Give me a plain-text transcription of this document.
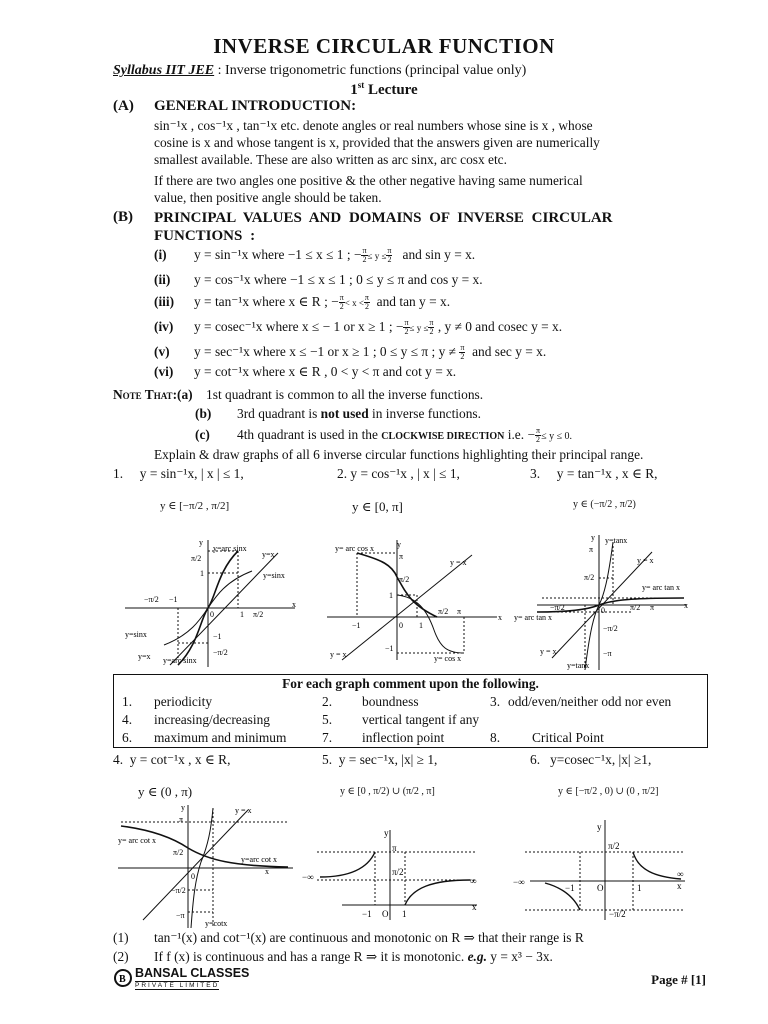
INVERSE CIRCULAR FUNCTION
Syllabus IIT JEE : Inverse trigonometric functions (principal value only)
1st Lecture
(A) GENERAL INTRODUCTION:
sin⁻¹x , cos⁻¹x , tan⁻¹x etc. denote angles or real numbers whose sine is x , whose
cosine is x and whose tangent is x, provided that the answers given are numerically
smallest available. These are also written as arc sinx, arc cosx etc.
If there are two angles one positive & the other negative having same numerical
value, then positive angle should be taken.
(B) PRINCIPAL VALUES AND DOMAINS OF INVERSE CIRCULAR
FUNCTIONS :
(i) y = sin⁻¹x where −1 ≤ x ≤ 1 ; − $\frac{\pi}{2} \le y \le \frac{\pi}{2}$ and sin y = x.
(ii) y = cos⁻¹x where −1 ≤ x ≤ 1 ; 0 ≤ y ≤ π and cos y = x.
(iii) y = tan⁻¹x where x ∈ R ; − $\frac{\pi}{2} < x < \frac{\pi}{2}$ and tan y = x.
(iv) y = cosec⁻¹x where x ≤ − 1 or x ≥ 1 ; − $\frac{\pi}{2} \le y \le \frac{\pi}{2}$ , y ≠ 0 and cosec y = x.
(v) y = sec⁻¹x where x ≤ −1 or x ≥ 1 ; 0 ≤ y ≤ π ; $y \ne \frac{\pi}{2}$ and sec y = x.
(vi) y = cot⁻¹x where x ∈ R , 0 < y < π and cot y = x.
Note That:(a) 1st quadrant is common to all the inverse functions.
(b) 3rd quadrant is not used in inverse functions.
(c) 4th quadrant is used in the CLOCKWISE DIRECTION i.e. − $\frac{\pi}{2} \le y \le 0$.
Explain & draw graphs of all 6 inverse circular functions highlighting their principal range.
1. y = sin⁻¹x, | x | ≤ 1,	2. y = cos⁻¹x , | x | ≤ 1,	3. y = tan⁻¹x , x ∈ R,
y ∈ [−π/2 , π/2]	y ∈ [0, π]	y ∈ (−π/2 , π/2)
y
y=arc sinx
y=x
y=sinx
π/2
1
−π/2 −1
0	1 π/2
x
y=sinx	−1
−π/2
y=x y=arc sinx
y= arc cos x	y
π
y = x
π/2
1
π/2 π
x
−1	0 1
y = x
−1
y= cos x
y y=tanx
π
y = x
π/2
y= arc tan x
−π/2	0	π/2 π	x
y= arc tan x
−π/2
y = x	−π
y=tanx
For each graph comment upon the following.
1. periodicity	2. boundness	3. odd/even/neither odd nor even
4. increasing/decreasing	5. vertical tangent if any
6. maximum and minimum	7. inflection point	8. Critical Point
4. y = cot⁻¹x , x ∈ R,	5. y = sec⁻¹x, |x| ≥ 1,	6. y=cosec⁻¹x, |x| ≥1,
y ∈ (0 , π)	y ∈ [0 , π/2) ∪ (π/2 , π]	y ∈ [−π/2 , 0) ∪ (0 , π/2]
y	y = x
π
y= arc cot x
π/2
y=arc cot x
x
0
−π/2
−π
y=cotx
y
π
−∞	π/2
∞
−1 O 1
x
y
π/2
−∞
−1 O	1
∞
x
−π/2
(1) tan⁻¹(x) and cot⁻¹(x) are continuous and monotonic on R ⇒ that their range is R
(2) If f (x) is continuous and has a range R ⇒ it is monotonic. e.g. y = x³ − 3x.
B BANSAL CLASSES
PRIVATE LIMITED	Page # [1]
